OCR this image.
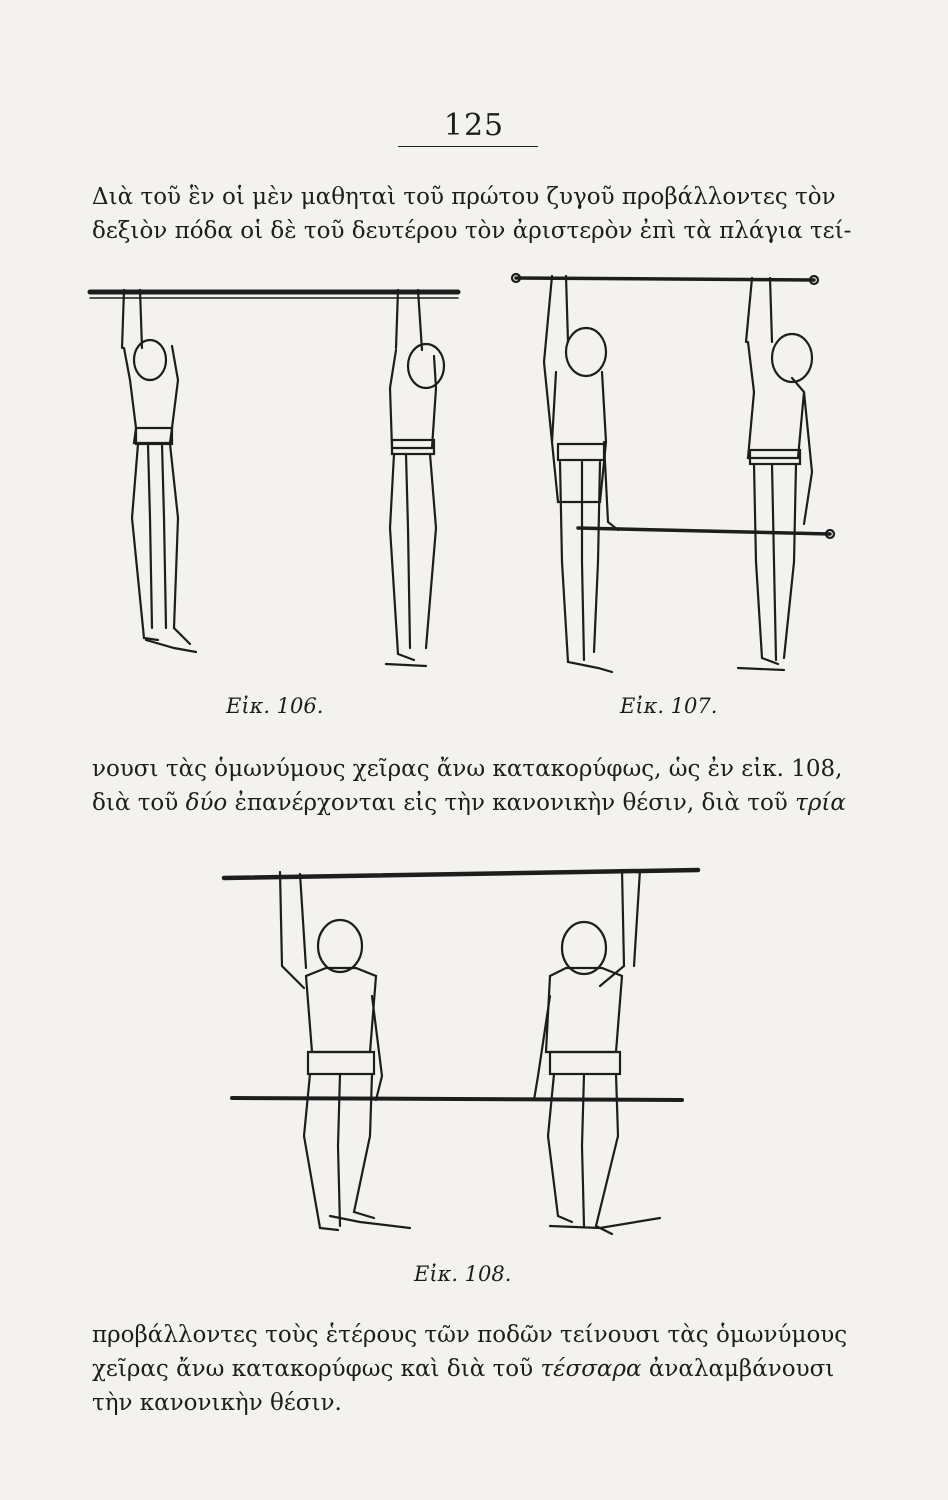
125
Διὰ τοῦ ἓν οἱ μὲν μαθηταὶ τοῦ πρώτου ζυγοῦ προβάλλοντες τὸν
δεξιὸν πόδα οἱ δὲ τοῦ δευτέρου τὸν ἀριστερὸν ἐπὶ τὰ πλάγια τεί-
Εἰκ. 106.	Εἰκ. 107.
νουσι τὰς ὁμωνύμους χεῖρας ἄνω κατακορύφως, ὡς ἐν εἰκ. 108,
διὰ τοῦ δύο ἐπανέρχονται εἰς τὴν κανονικὴν θέσιν, διὰ τοῦ τρία
Εἰκ. 108.
προβάλλοντες τοὺς ἑτέρους τῶν ποδῶν τείνουσι τὰς ὁμωνύμους
χεῖρας ἄνω κατακορύφως καὶ διὰ τοῦ τέσσαρα ἀναλαμβάνουσι
τὴν κανονικὴν θέσιν.
